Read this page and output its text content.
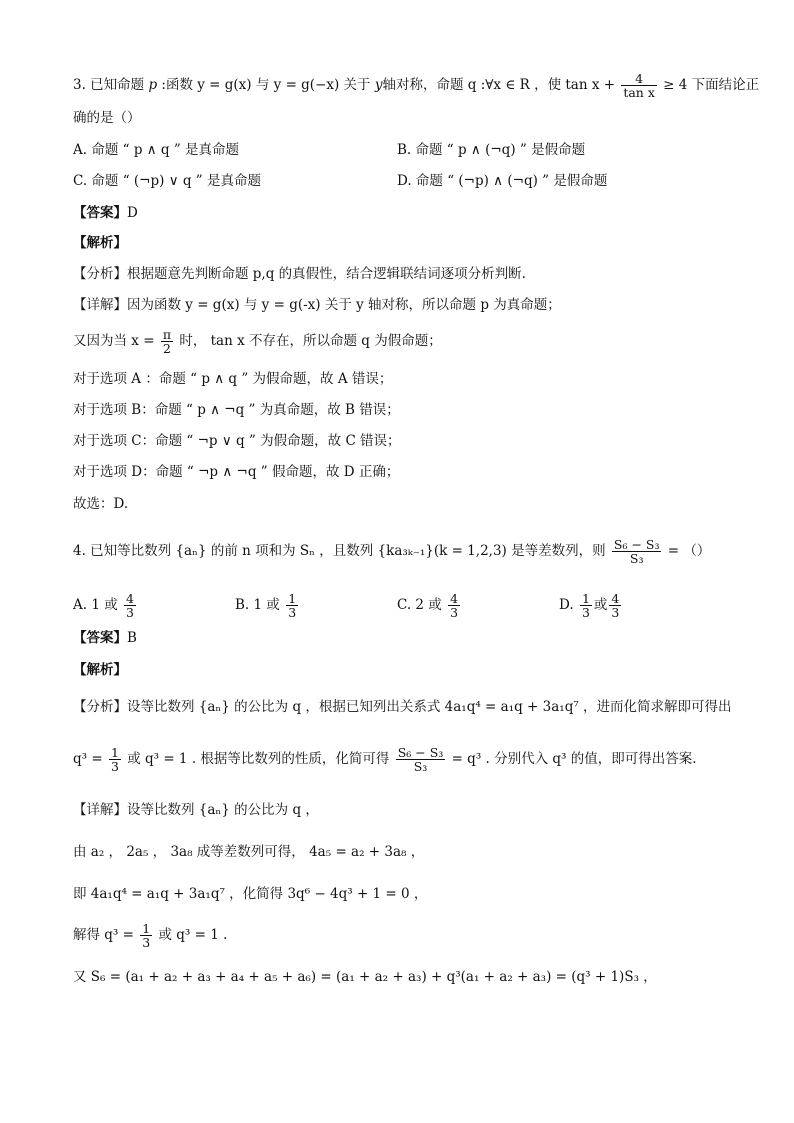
3. 已知命题 p :函数 y = g(x) 与 y = g(−x) 关于 y轴对称，命题 q :∀x ∈ R ，使 $\tan x + \frac{4}{\text{tan x}} \ge 4$ 下面结论正
确的是（）
A. 命题 “ p ∧ q ” 是真命题	B. 命题 “ p ∧ (¬q) ” 是假命题
C. 命题 “ (¬p) ∨ q ” 是真命题	D. 命题 “ (¬p) ∧ (¬q) ” 是假命题
【答案】D
【解析】
【分析】根据题意先判断命题 p,q 的真假性，结合逻辑联结词逐项分析判断.
【详解】因为函数 y = g(x) 与 y = g(-x) 关于 y 轴对称，所以命题 p 为真命题；
又因为当 $x = \frac{\pi}{2}$ 时， tan x 不存在，所以命题 q 为假命题；
对于选项 A ：命题 “ p ∧ q ” 为假命题，故 A 错误；
对于选项 B：命题 “ p ∧ ¬q ” 为真命题，故 B 错误；
对于选项 C：命题 “ ¬p ∨ q ” 为假命题，故 C 错误；
对于选项 D：命题 “ ¬p ∧ ¬q ” 假命题，故 D 正确；
故选：D.
4. 已知等比数列 {aₙ} 的前 n 项和为 Sₙ ，且数列 {ka₃ₖ₋₁}(k = 1,2,3) 是等差数列，则 $\frac{\text{S₆ − S₃}}{\text{S₃}}$ = （）
A. 1 或 $\frac{4}{3}$	B. 1 或 $\frac{1}{3}$	C. 2 或 $\frac{4}{3}$	D. $\frac{1}{3}$ 或 $\frac{4}{3}$
【答案】B
【解析】
【分析】设等比数列 {aₙ} 的公比为 q ，根据已知列出关系式 4a₁q⁴ = a₁q + 3a₁q⁷ ，进而化简求解即可得出
$q^3 = \frac{1}{3}$ 或 q³ = 1 . 根据等比数列的性质，化简可得 $\frac{\text{S₆ − S₃}}{\text{S₃}} = q^3$ . 分别代入 q³ 的值，即可得出答案.
【详解】设等比数列 {aₙ} 的公比为 q ，
由 a₂ ， 2a₅ ， 3a₈ 成等差数列可得， 4a₅ = a₂ + 3a₈ ，
即 4a₁q⁴ = a₁q + 3a₁q⁷ ，化简得 3q⁶ − 4q³ + 1 = 0 ，
解得 $q^3 = \frac{1}{3}$ 或 q³ = 1 .
又 S₆ = (a₁ + a₂ + a₃ + a₄ + a₅ + a₆) = (a₁ + a₂ + a₃) + q³(a₁ + a₂ + a₃) = (q³ + 1)S₃ ，
